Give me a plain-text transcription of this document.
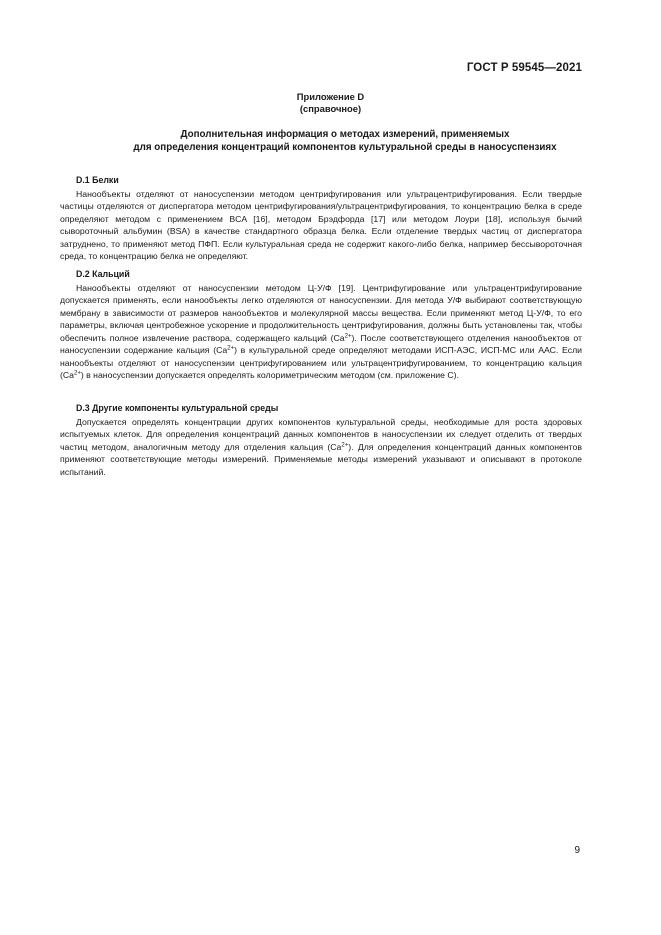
ГОСТ Р 59545—2021
Приложение D
(справочное)
Дополнительная информация о методах измерений, применяемых
для определения концентраций компонентов культуральной среды в наносуспензиях
D.1 Белки

Нанообъекты отделяют от наносуспензии методом центрифугирования или ультрацентрифугирования. Если твердые частицы отделяются от диспергатора методом центрифугирования/ультрацентрифугирования, то концентрацию белка в среде определяют методом с применением BCA [16], методом Брэдфорда [17] или методом Лоури [18], используя бычий сывороточный альбумин (BSA) в качестве стандартного образца белка. Если отделение твердых частиц от диспергатора затруднено, то применяют метод ПФП. Если культуральная среда не содержит какого-либо белка, например бессывороточная среда, то концентрацию белка не определяют.

D.2 Кальций

Нанообъекты отделяют от наносуспензии методом Ц-У/Ф [19]. Центрифугирование или ультрацентрифугирование допускается применять, если нанообъекты легко отделяются от наносуспензии. Для метода У/Ф выбирают соответствующую мембрану в зависимости от размеров нанообъектов и молекулярной массы вещества. Если применяют метод Ц-У/Ф, то его параметры, включая центробежное ускорение и продолжительность центрифугирования, должны быть установлены так, чтобы обеспечить полное извлечение раствора, содержащего кальций $(Ca^{2+})$. После соответствующего отделения нанообъектов от наносуспензии содержание кальция $(Ca^{2+})$ в культуральной среде определяют методами ИСП-АЭС, ИСП-МС или ААС. Если нанообъекты отделяют от наносуспензии центрифугированием или ультрацентрифугированием, то концентрацию кальция $(Ca^{2+})$ в наносуспензии допускается определять колориметрическим методом (см. приложение С).

D.3 Другие компоненты культуральной среды

Допускается определять концентрации других компонентов культуральной среды, необходимые для роста здоровых испытуемых клеток. Для определения концентраций данных компонентов в наносуспензии их следует отделить от твердых частиц методом, аналогичным методу для отделения кальция $(Ca^{2+})$. Для определения концентраций данных компонентов применяют соответствующие методы измерений. Применяемые методы измерений указывают и описывают в протоколе испытаний.

9
